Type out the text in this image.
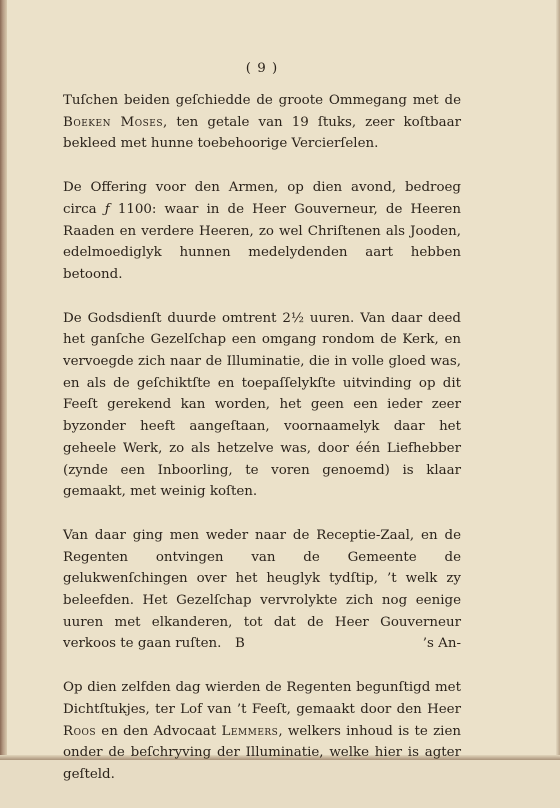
( 9 )

Tuſchen beiden geſchiedde de groote Ommegang met de Boeken Moses, ten getale van 19 ſtuks, zeer koſtbaar bekleed met hunne toebehoorige Vercierſelen.

De Offering voor den Armen, op dien avond, bedroeg circa ƒ 1100: waar in de Heer Gouverneur, de Heeren Raaden en verdere Heeren, zo wel Chriſtenen als Jooden, edelmoediglyk hunnen medelydenden aart hebben betoond.

De Godsdienſt duurde omtrent 2½ uuren. Van daar deed het ganſche Gezelſchap een omgang rondom de Kerk, en vervoegde zich naar de Illuminatie, die in volle gloed was, en als de geſchiktſte en toepaſſelykſte uitvinding op dit Feeſt gerekend kan worden, het geen een ieder zeer byzonder heeft aangeſtaan, voornaamelyk daar het geheele Werk, zo als hetzelve was, door één Liefhebber (zynde een Inboorling, te voren genoemd) is klaar gemaakt, met weinig koſten.

Van daar ging men weder naar de Receptie-Zaal, en de Regenten ontvingen van de Gemeente de gelukwenſchingen over het heuglyk tydſtip, ’t welk zy beleefden. Het Gezelſchap vervrolykte zich nog eenige uuren met elkanderen, tot dat de Heer Gouverneur verkoos te gaan ruſten.

Op dien zelfden dag wierden de Regenten begunſtigd met Dichtſtukjes, ter Lof van ’t Feeſt, gemaakt door den Heer Roos en den Advocaat Lemmers, welkers inhoud is te zien onder de beſchryving der Illuminatie, welke hier is agter geſteld.

B	’s An-
